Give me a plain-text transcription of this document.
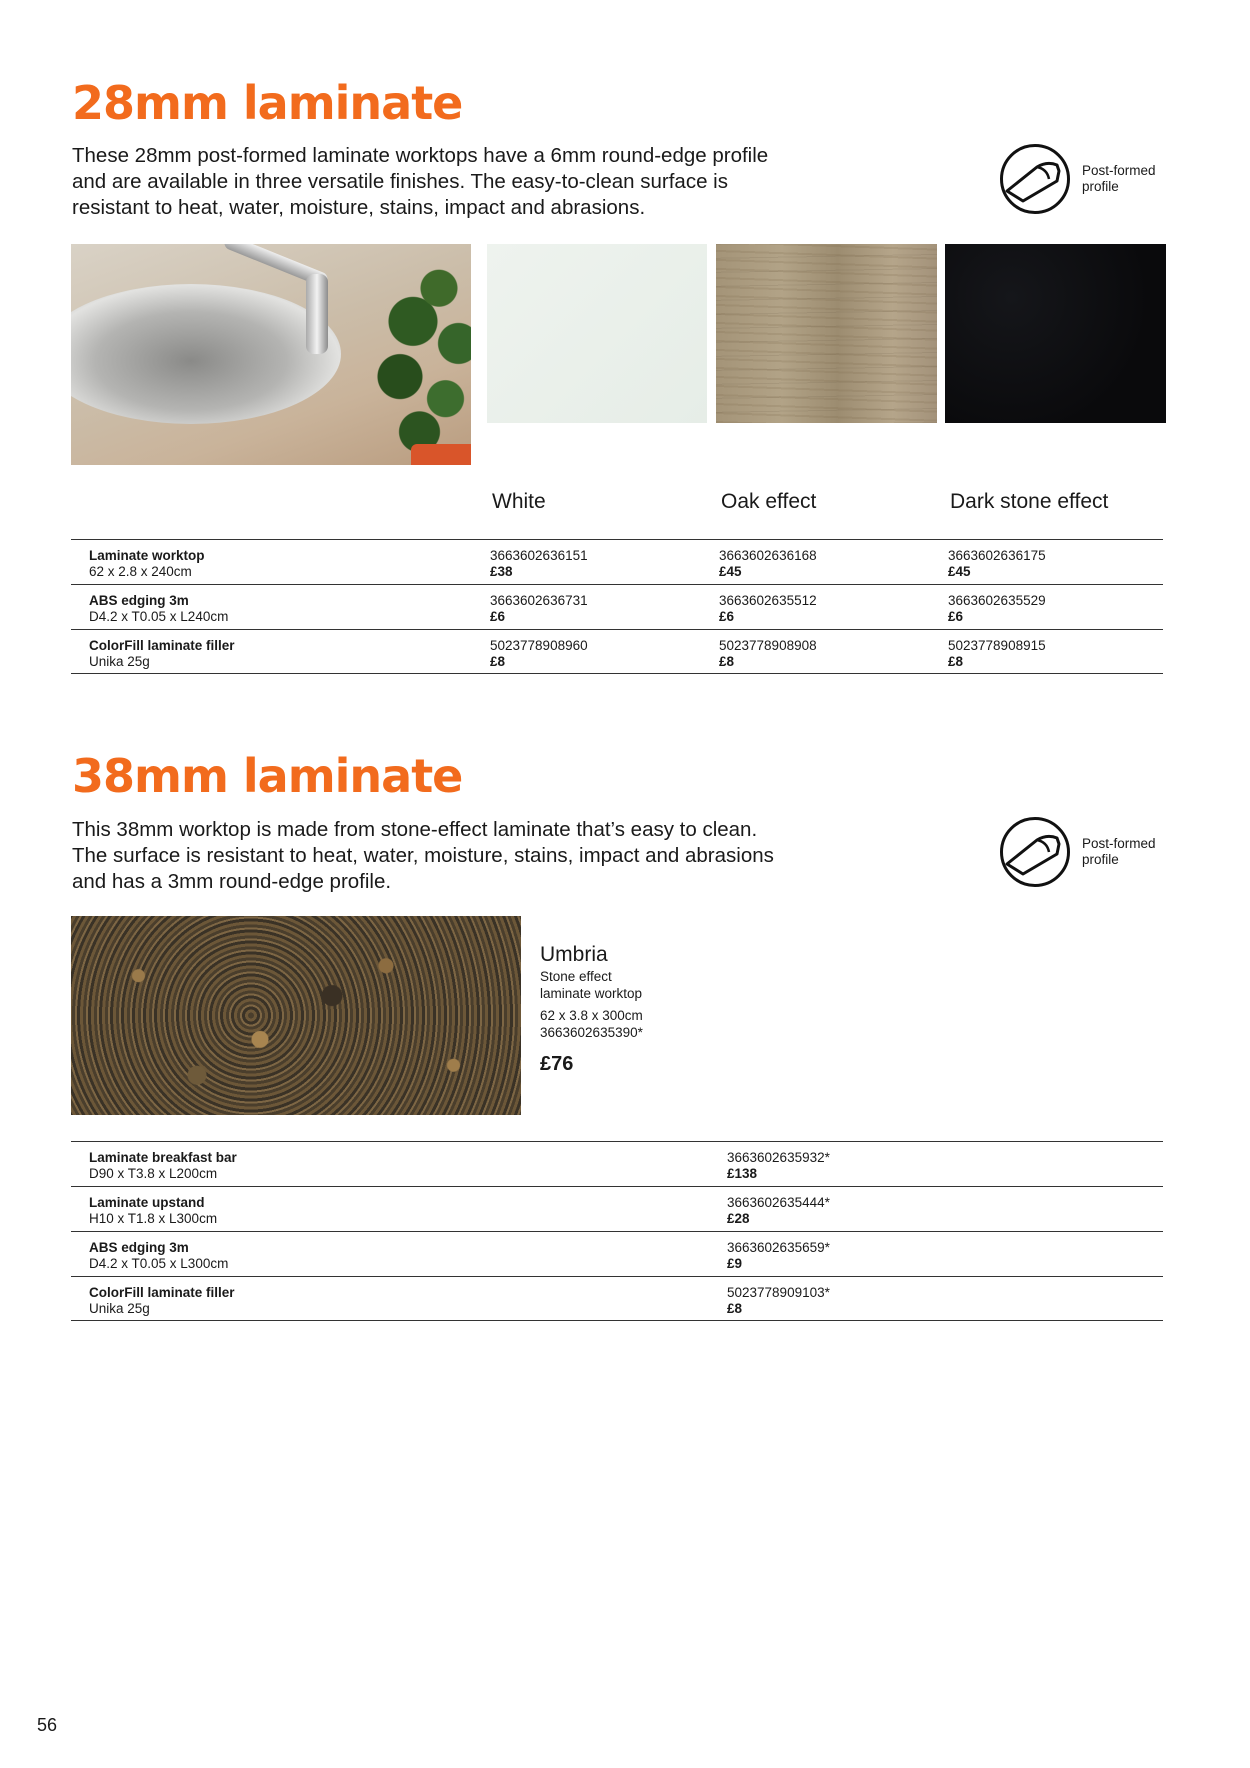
28mm laminate

These 28mm post-formed laminate worktops have a 6mm round-edge profile and are available in three versatile finishes. The easy-to-clean surface is resistant to heat, water, moisture, stains, impact and abrasions.

Post-formed
profile
White	Oak effect	Dark stone effect
Laminate worktop
62 x 2.8 x 240cm
3663602636151
£38
3663602636168
£45
3663602636175
£45
ABS edging 3m
D4.2 x T0.05 x L240cm
3663602636731
£6
3663602635512
£6
3663602635529
£6
ColorFill laminate filler
Unika 25g
5023778908960
£8
5023778908908
£8
5023778908915
£8
38mm laminate

This 38mm worktop is made from stone-effect laminate that’s easy to clean. The surface is resistant to heat, water, moisture, stains, impact and abrasions and has a 3mm round-edge profile.

Post-formed
profile
Umbria
Stone effect
laminate worktop
62 x 3.8 x 300cm
3663602635390*
£76
Laminate breakfast bar
D90 x T3.8 x L200cm
3663602635932*
£138
Laminate upstand
H10 x T1.8 x L300cm
3663602635444*
£28
ABS edging 3m
D4.2 x T0.05 x L300cm
3663602635659*
£9
ColorFill laminate filler
Unika 25g
5023778909103*
£8
56
